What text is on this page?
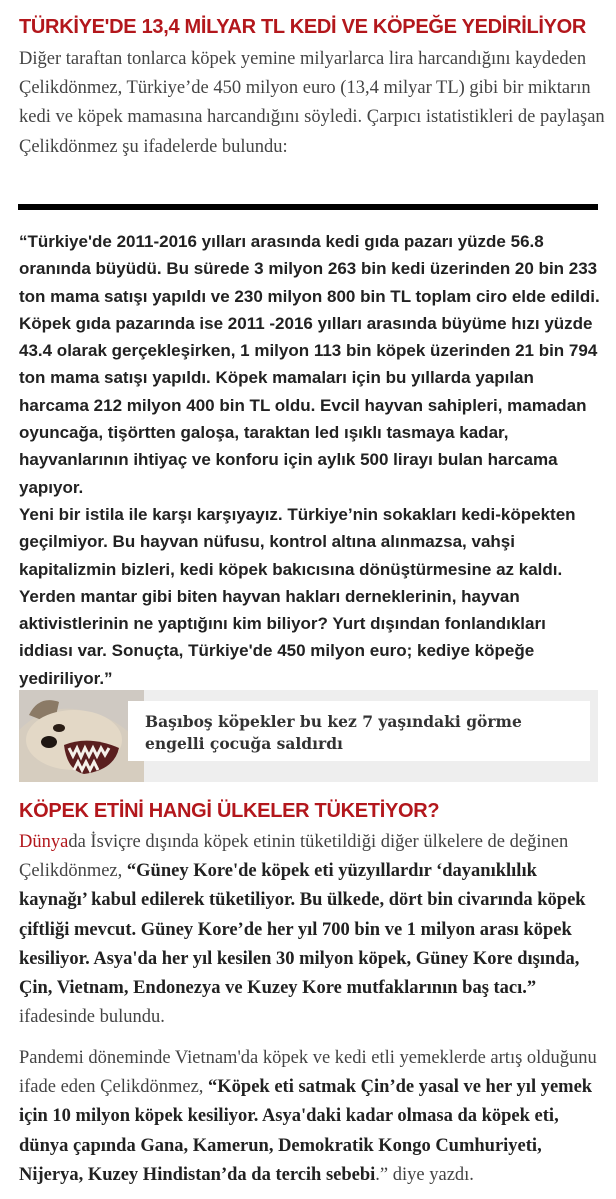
TÜRKİYE'DE 13,4 MİLYAR TL KEDİ VE KÖPEĞE YEDİRİLİYOR

Diğer taraftan tonlarca köpek yemine milyarlarca lira harcandığını kaydeden Çelikdönmez, Türkiye’de 450 milyon euro (13,4 milyar TL) gibi bir miktarın kedi ve köpek mamasına harcandığını söyledi. Çarpıcı istatistikleri de paylaşan Çelikdönmez şu ifadelerde bulundu:

“Türkiye'de 2011-2016 yılları arasında kedi gıda pazarı yüzde 56.8 oranında büyüdü. Bu sürede 3 milyon 263 bin kedi üzerinden 20 bin 233 ton mama satışı yapıldı ve 230 milyon 800 bin TL toplam ciro elde edildi. Köpek gıda pazarında ise 2011 -2016 yılları arasında büyüme hızı yüzde 43.4 olarak gerçekleşirken, 1 milyon 113 bin köpek üzerinden 21 bin 794 ton mama satışı yapıldı. Köpek mamaları için bu yıllarda yapılan harcama 212 milyon 400 bin TL oldu. Evcil hayvan sahipleri, mamadan oyuncağa, tişörtten galoşa, taraktan led ışıklı tasmaya kadar, hayvanlarının ihtiyaç ve konforu için aylık 500 lirayı bulan harcama yapıyor.

Yeni bir istila ile karşı karşıyayız. Türkiye’nin sokakları kedi-köpekten geçilmiyor. Bu hayvan nüfusu, kontrol altına alınmazsa, vahşi kapitalizmin bizleri, kedi köpek bakıcısına dönüştürmesine az kaldı. Yerden mantar gibi biten hayvan hakları derneklerinin, hayvan aktivistlerinin ne yaptığını kim biliyor? Yurt dışından fonlandıkları iddiası var. Sonuçta, Türkiye'de 450 milyon euro; kediye köpeğe yediriliyor.”

Başıboş köpekler bu kez 7 yaşındaki görme engelli çocuğa saldırdı
KÖPEK ETİNİ HANGİ ÜLKELER TÜKETİYOR?

Dünyada İsviçre dışında köpek etinin tüketildiği diğer ülkelere de değinen Çelikdönmez, “Güney Kore'de köpek eti yüzyıllardır ‘dayanıklılık kaynağı’ kabul edilerek tüketiliyor. Bu ülkede, dört bin civarında köpek çiftliği mevcut. Güney Kore’de her yıl 700 bin ve 1 milyon arası köpek kesiliyor. Asya'da her yıl kesilen 30 milyon köpek, Güney Kore dışında, Çin, Vietnam, Endonezya ve Kuzey Kore mutfaklarının baş tacı.” ifadesinde bulundu.

Pandemi döneminde Vietnam'da köpek ve kedi etli yemeklerde artış olduğunu ifade eden Çelikdönmez, “Köpek eti satmak Çin’de yasal ve her yıl yemek için 10 milyon köpek kesiliyor. Asya'daki kadar olmasa da köpek eti, dünya çapında Gana, Kamerun, Demokratik Kongo Cumhuriyeti, Nijerya, Kuzey Hindistan’da da tercih sebebi.” diye yazdı.
